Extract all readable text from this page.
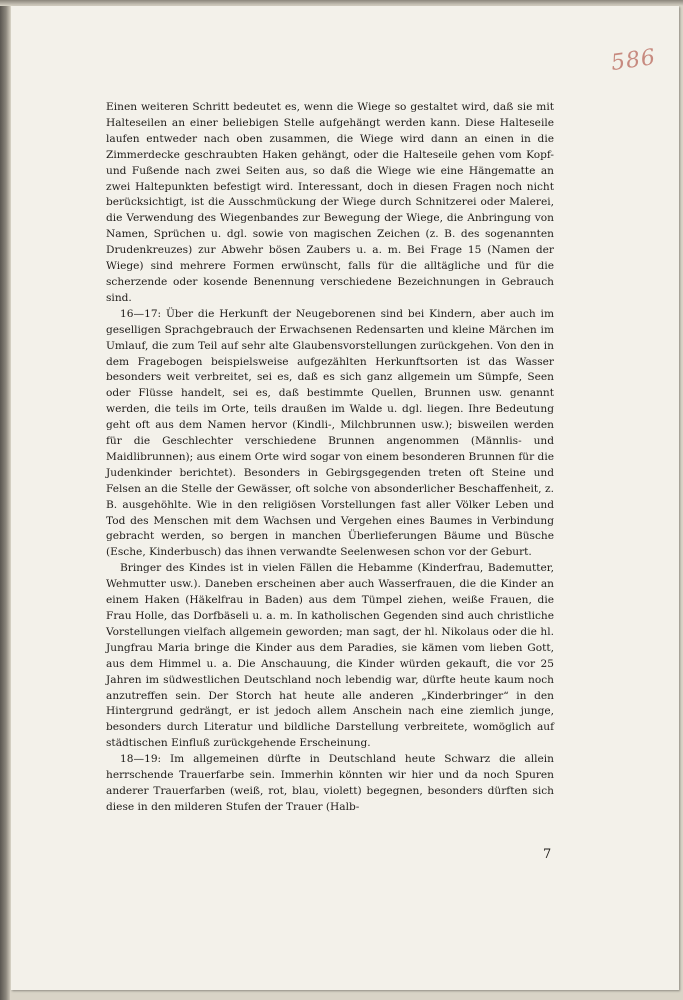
586

Einen weiteren Schritt bedeutet es, wenn die Wiege so gestaltet wird, daß sie mit Halteseilen an einer beliebigen Stelle aufgehängt werden kann. Diese Halteseile laufen entweder nach oben zusammen, die Wiege wird dann an einen in die Zimmerdecke geschraubten Haken gehängt, oder die Halteseile gehen vom Kopf- und Fußende nach zwei Seiten aus, so daß die Wiege wie eine Hängematte an zwei Haltepunkten befestigt wird. Interessant, doch in diesen Fragen noch nicht berücksichtigt, ist die Ausschmückung der Wiege durch Schnitzerei oder Malerei, die Verwendung des Wiegenbandes zur Bewegung der Wiege, die Anbringung von Namen, Sprüchen u. dgl. sowie von magischen Zeichen (z. B. des sogenannten Drudenkreuzes) zur Abwehr bösen Zaubers u. a. m. Bei Frage 15 (Namen der Wiege) sind mehrere Formen erwünscht, falls für die alltägliche und für die scherzende oder kosende Benennung verschiedene Bezeichnungen in Gebrauch sind.

16—17: Über die Herkunft der Neugeborenen sind bei Kindern, aber auch im geselligen Sprachgebrauch der Erwachsenen Redensarten und kleine Märchen im Umlauf, die zum Teil auf sehr alte Glaubensvorstellungen zurückgehen. Von den in dem Fragebogen beispielsweise aufgezählten Herkunftsorten ist das Wasser besonders weit verbreitet, sei es, daß es sich ganz allgemein um Sümpfe, Seen oder Flüsse handelt, sei es, daß bestimmte Quellen, Brunnen usw. genannt werden, die teils im Orte, teils draußen im Walde u. dgl. liegen. Ihre Bedeutung geht oft aus dem Namen hervor (Kindli-, Milchbrunnen usw.); bisweilen werden für die Geschlechter verschiedene Brunnen angenommen (Männlis- und Maidlibrunnen); aus einem Orte wird sogar von einem besonderen Brunnen für die Judenkinder berichtet). Besonders in Gebirgsgegenden treten oft Steine und Felsen an die Stelle der Gewässer, oft solche von absonderlicher Beschaffenheit, z. B. ausgehöhlte. Wie in den religiösen Vorstellungen fast aller Völker Leben und Tod des Menschen mit dem Wachsen und Vergehen eines Baumes in Verbindung gebracht werden, so bergen in manchen Überlieferungen Bäume und Büsche (Esche, Kinderbusch) das ihnen verwandte Seelenwesen schon vor der Geburt.

Bringer des Kindes ist in vielen Fällen die Hebamme (Kinderfrau, Bademutter, Wehmutter usw.). Daneben erscheinen aber auch Wasserfrauen, die die Kinder an einem Haken (Häkelfrau in Baden) aus dem Tümpel ziehen, weiße Frauen, die Frau Holle, das Dorfbäseli u. a. m. In katholischen Gegenden sind auch christliche Vorstellungen vielfach allgemein geworden; man sagt, der hl. Nikolaus oder die hl. Jungfrau Maria bringe die Kinder aus dem Paradies, sie kämen vom lieben Gott, aus dem Himmel u. a. Die Anschauung, die Kinder würden gekauft, die vor 25 Jahren im südwestlichen Deutschland noch lebendig war, dürfte heute kaum noch anzutreffen sein. Der Storch hat heute alle anderen „Kinderbringer“ in den Hintergrund gedrängt, er ist jedoch allem Anschein nach eine ziemlich junge, besonders durch Literatur und bildliche Darstellung verbreitete, womöglich auf städtischen Einfluß zurückgehende Erscheinung.

18—19: Im allgemeinen dürfte in Deutschland heute Schwarz die allein herrschende Trauerfarbe sein. Immerhin könnten wir hier und da noch Spuren anderer Trauerfarben (weiß, rot, blau, violett) begegnen, besonders dürften sich diese in den milderen Stufen der Trauer (Halb-

7
